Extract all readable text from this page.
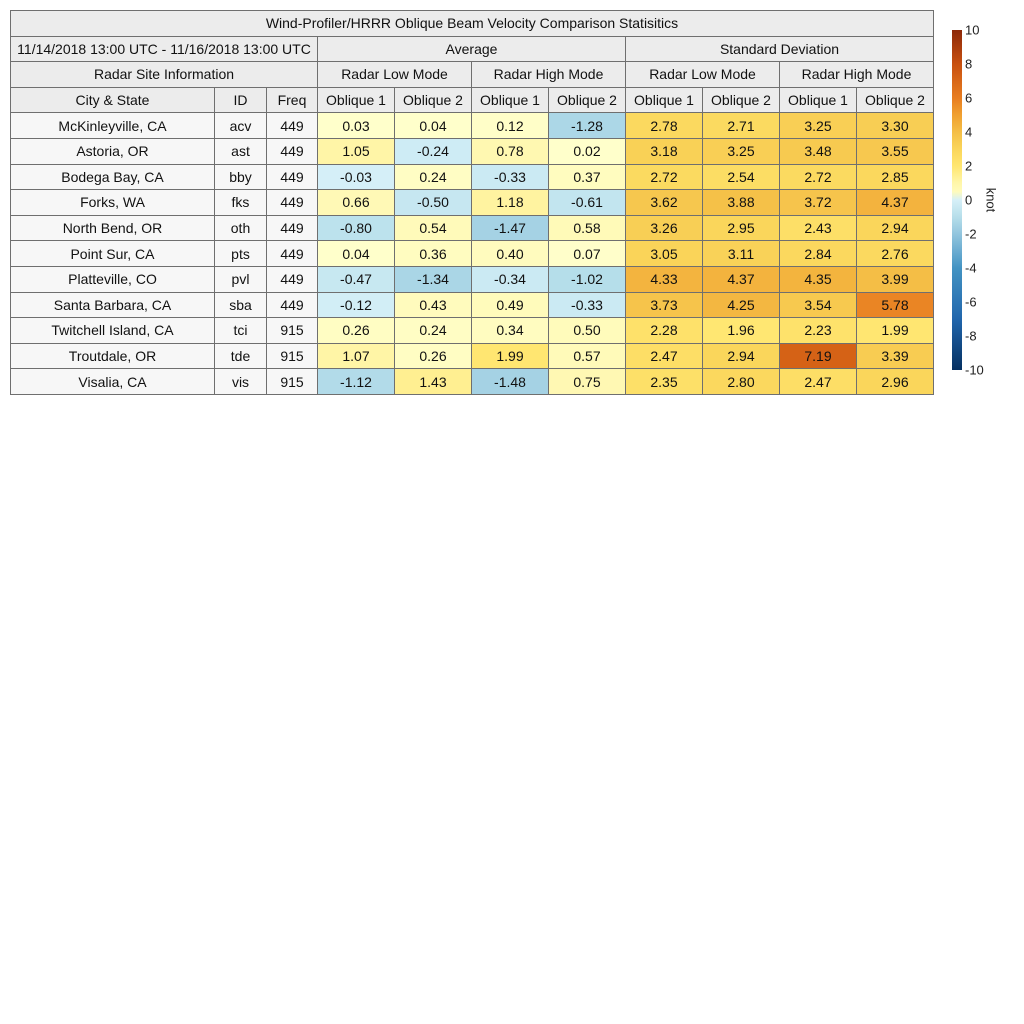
Wind-Profiler/HRRR Oblique Beam Velocity Comparison Statisitics										
11/14/2018 13:00 UTC - 11/16/2018 13:00 UTC			Average				Standard Deviation			
Radar Site Information			Radar Low Mode		Radar High Mode		Radar Low Mode		Radar High Mode	
City & State	ID	Freq	Oblique 1	Oblique 2	Oblique 1	Oblique 2	Oblique 1	Oblique 2	Oblique 1	Oblique 2
McKinleyville, CA	acv	449	0.03	0.04	0.12	-1.28	2.78	2.71	3.25	3.30
Astoria, OR	ast	449	1.05	-0.24	0.78	0.02	3.18	3.25	3.48	3.55
Bodega Bay, CA	bby	449	-0.03	0.24	-0.33	0.37	2.72	2.54	2.72	2.85
Forks, WA	fks	449	0.66	-0.50	1.18	-0.61	3.62	3.88	3.72	4.37
North Bend, OR	oth	449	-0.80	0.54	-1.47	0.58	3.26	2.95	2.43	2.94
Point Sur, CA	pts	449	0.04	0.36	0.40	0.07	3.05	3.11	2.84	2.76
Platteville, CO	pvl	449	-0.47	-1.34	-0.34	-1.02	4.33	4.37	4.35	3.99
Santa Barbara, CA	sba	449	-0.12	0.43	0.49	-0.33	3.73	4.25	3.54	5.78
Twitchell Island, CA	tci	915	0.26	0.24	0.34	0.50	2.28	1.96	2.23	1.99
Troutdale, OR	tde	915	1.07	0.26	1.99	0.57	2.47	2.94	7.19	3.39
Visalia, CA	vis	915	-1.12	1.43	-1.48	0.75	2.35	2.80	2.47	2.96
10
8
6
4
2
0
-2
-4
-6
-8
-10
knot
